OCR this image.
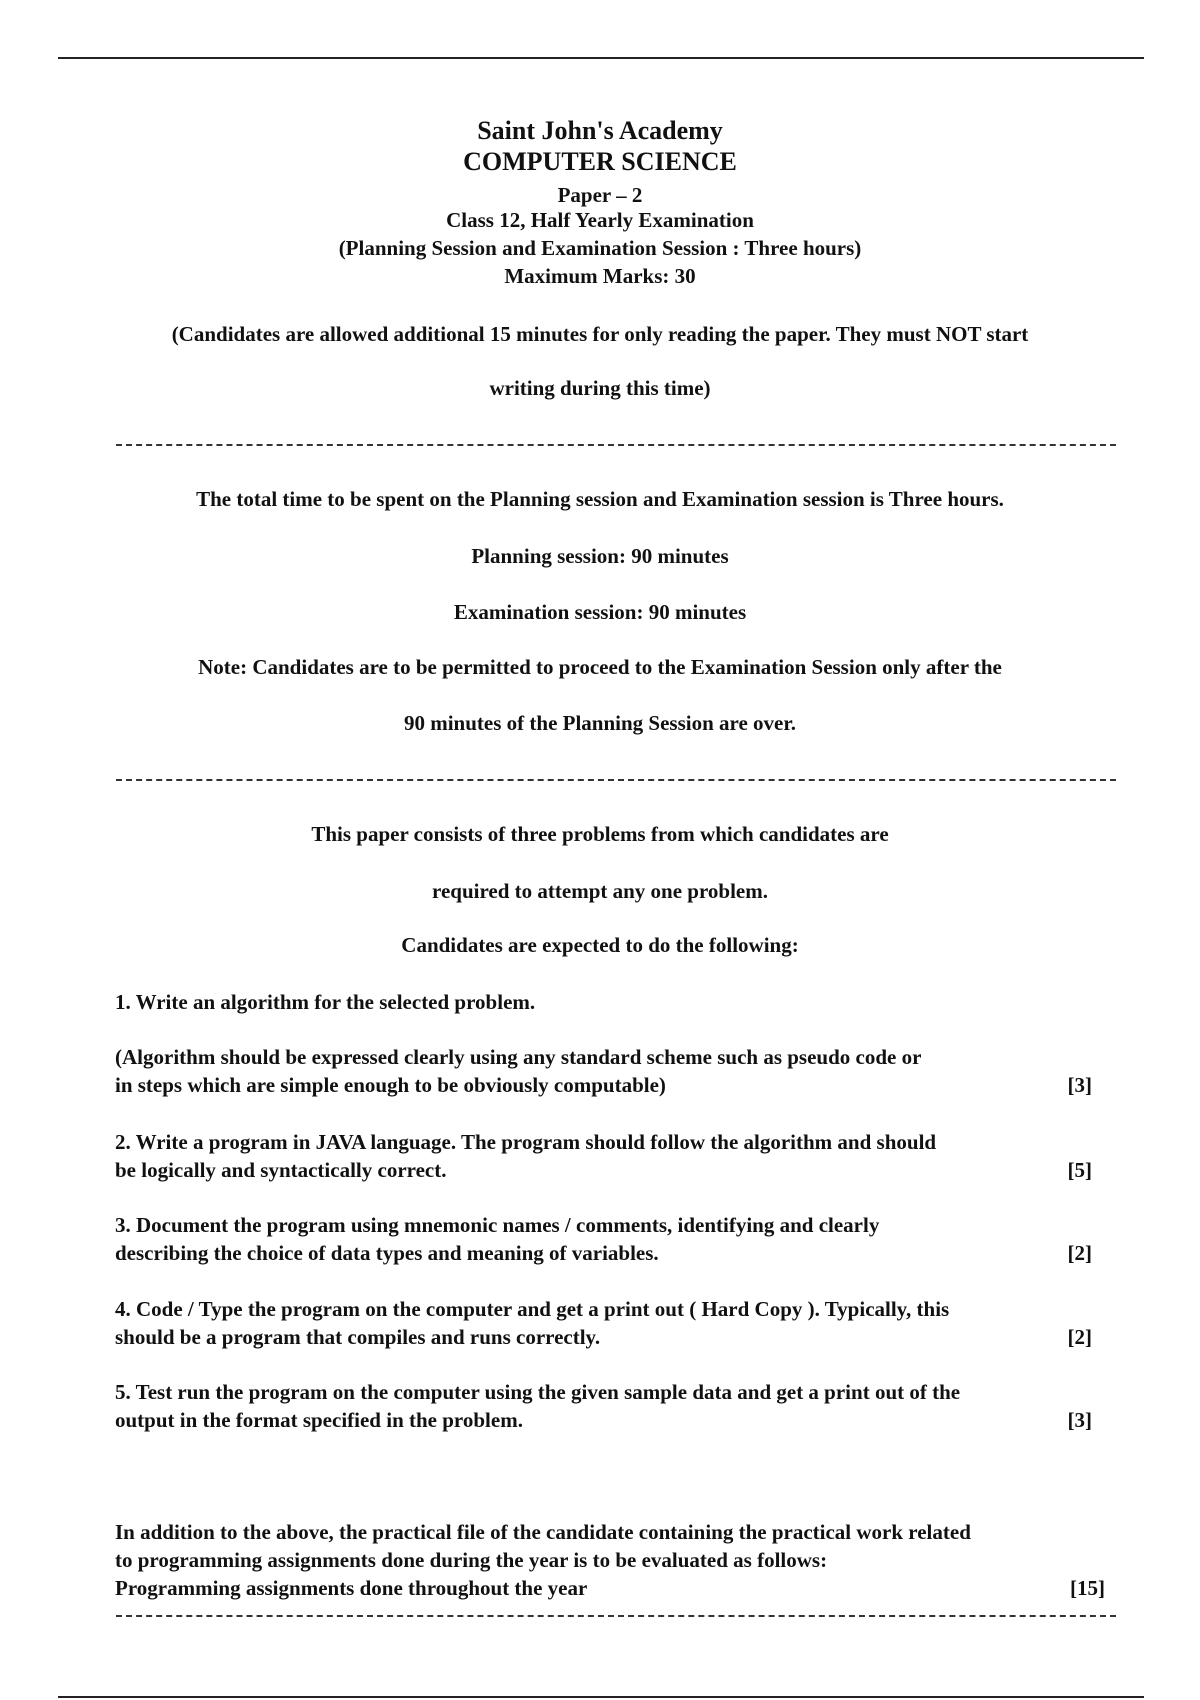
Saint John's Academy
COMPUTER SCIENCE
Paper – 2
Class 12, Half Yearly Examination
(Planning Session and Examination Session : Three hours)
Maximum Marks: 30
(Candidates are allowed additional 15 minutes for only reading the paper. They must NOT start
writing during this time)
The total time to be spent on the Planning session and Examination session is Three hours.
Planning session: 90 minutes
Examination session: 90 minutes
Note: Candidates are to be permitted to proceed to the Examination Session only after the
90 minutes of the Planning Session are over.
This paper consists of three problems from which candidates are
required to attempt any one problem.
Candidates are expected to do the following:
1. Write an algorithm for the selected problem.
(Algorithm should be expressed clearly using any standard scheme such as pseudo code or
in steps which are simple enough to be obviously computable)	[3]
2. Write a program in JAVA language. The program should follow the algorithm and should
be logically and syntactically correct.	[5]
3. Document the program using mnemonic names / comments, identifying and clearly
describing the choice of data types and meaning of variables.	[2]
4. Code / Type the program on the computer and get a print out ( Hard Copy ). Typically, this
should be a program that compiles and runs correctly.	[2]
5. Test run the program on the computer using the given sample data and get a print out of the
output in the format specified in the problem.	[3]
In addition to the above, the practical file of the candidate containing the practical work related
to programming assignments done during the year is to be evaluated as follows:
Programming assignments done throughout the year	[15]
